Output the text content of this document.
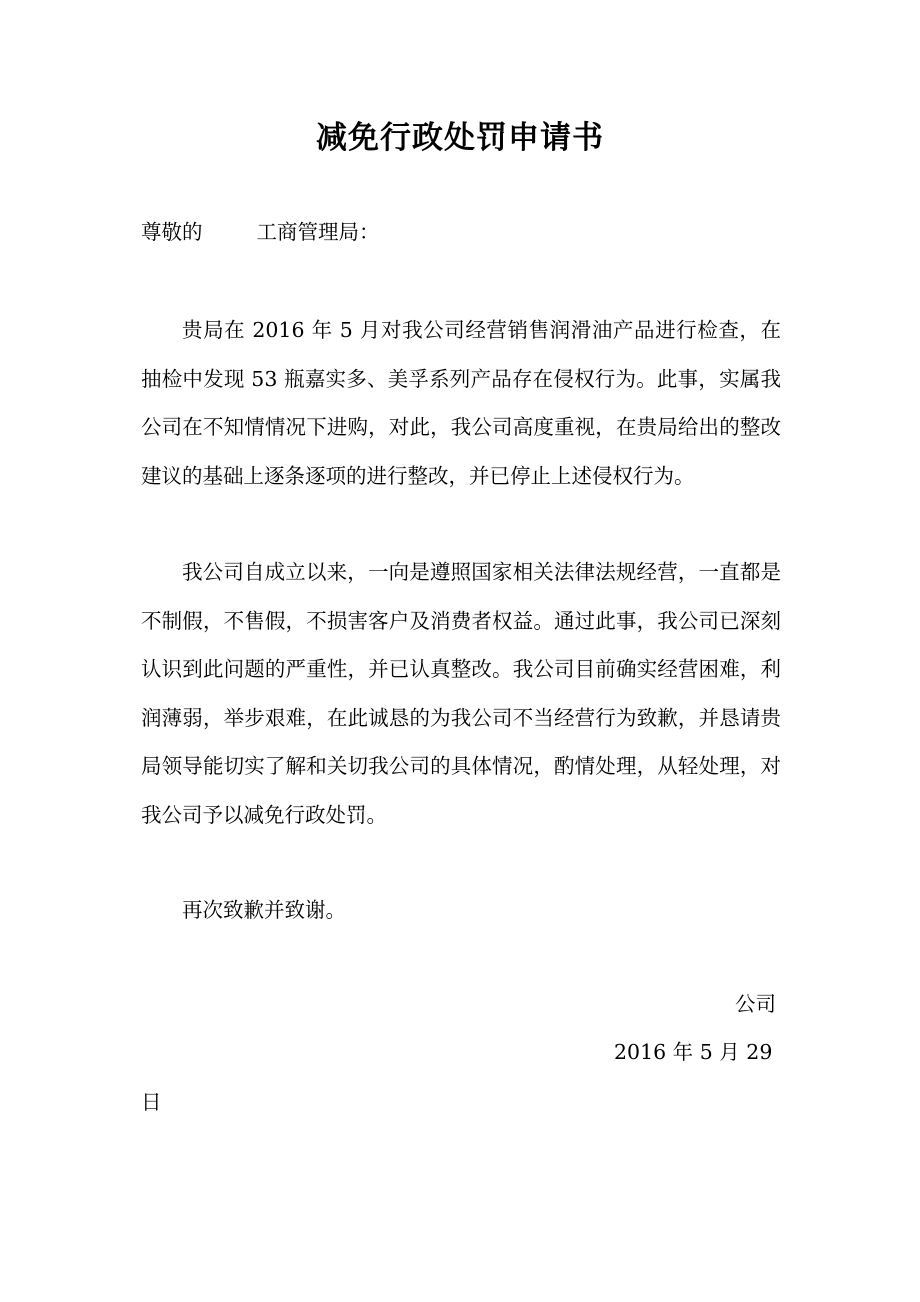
减免行政处罚申请书
尊敬的	工商管理局：
贵局在 2016 年 5 月对我公司经营销售润滑油产品进行检查，在抽检中发现 53 瓶嘉实多、美孚系列产品存在侵权行为。此事，实属我公司在不知情情况下进购，对此，我公司高度重视，在贵局给出的整改建议的基础上逐条逐项的进行整改，并已停止上述侵权行为。
我公司自成立以来，一向是遵照国家相关法律法规经营，一直都是不制假，不售假，不损害客户及消费者权益。通过此事，我公司已深刻认识到此问题的严重性，并已认真整改。我公司目前确实经营困难，利润薄弱，举步艰难，在此诚恳的为我公司不当经营行为致歉，并恳请贵局领导能切实了解和关切我公司的具体情况，酌情处理，从轻处理，对我公司予以减免行政处罚。
再次致歉并致谢。
公司
2016 年 5 月 29
日
